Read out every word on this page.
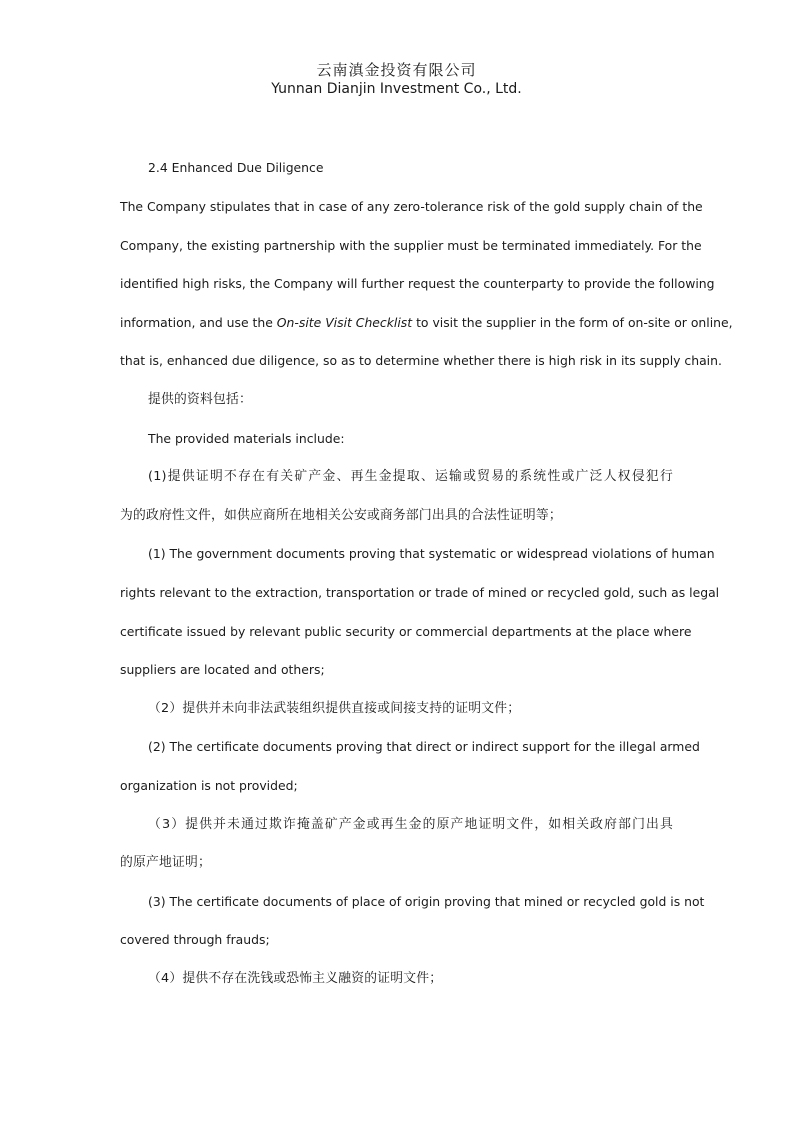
云南滇金投资有限公司

Yunnan Dianjin Investment Co., Ltd.

2.4 Enhanced Due Diligence

The Company stipulates that in case of any zero-tolerance risk of the gold supply chain of the

Company, the existing partnership with the supplier must be terminated immediately. For the

identified high risks, the Company will further request the counterparty to provide the following

information, and use the On-site Visit Checklist to visit the supplier in the form of on-site or online,

that is, enhanced due diligence, so as to determine whether there is high risk in its supply chain.

提供的资料包括：

The provided materials include:

(1)提供证明不存在有关矿产金、再生金提取、运输或贸易的系统性或广泛人权侵犯行

为的政府性文件，如供应商所在地相关公安或商务部门出具的合法性证明等；

(1) The government documents proving that systematic or widespread violations of human

rights relevant to the extraction, transportation or trade of mined or recycled gold, such as legal

certificate issued by relevant public security or commercial departments at the place where

suppliers are located and others;

（2）提供并未向非法武装组织提供直接或间接支持的证明文件；

(2) The certificate documents proving that direct or indirect support for the illegal armed

organization is not provided;

（3）提供并未通过欺诈掩盖矿产金或再生金的原产地证明文件，如相关政府部门出具

的原产地证明；

(3) The certificate documents of place of origin proving that mined or recycled gold is not

covered through frauds;

（4）提供不存在洗钱或恐怖主义融资的证明文件；
